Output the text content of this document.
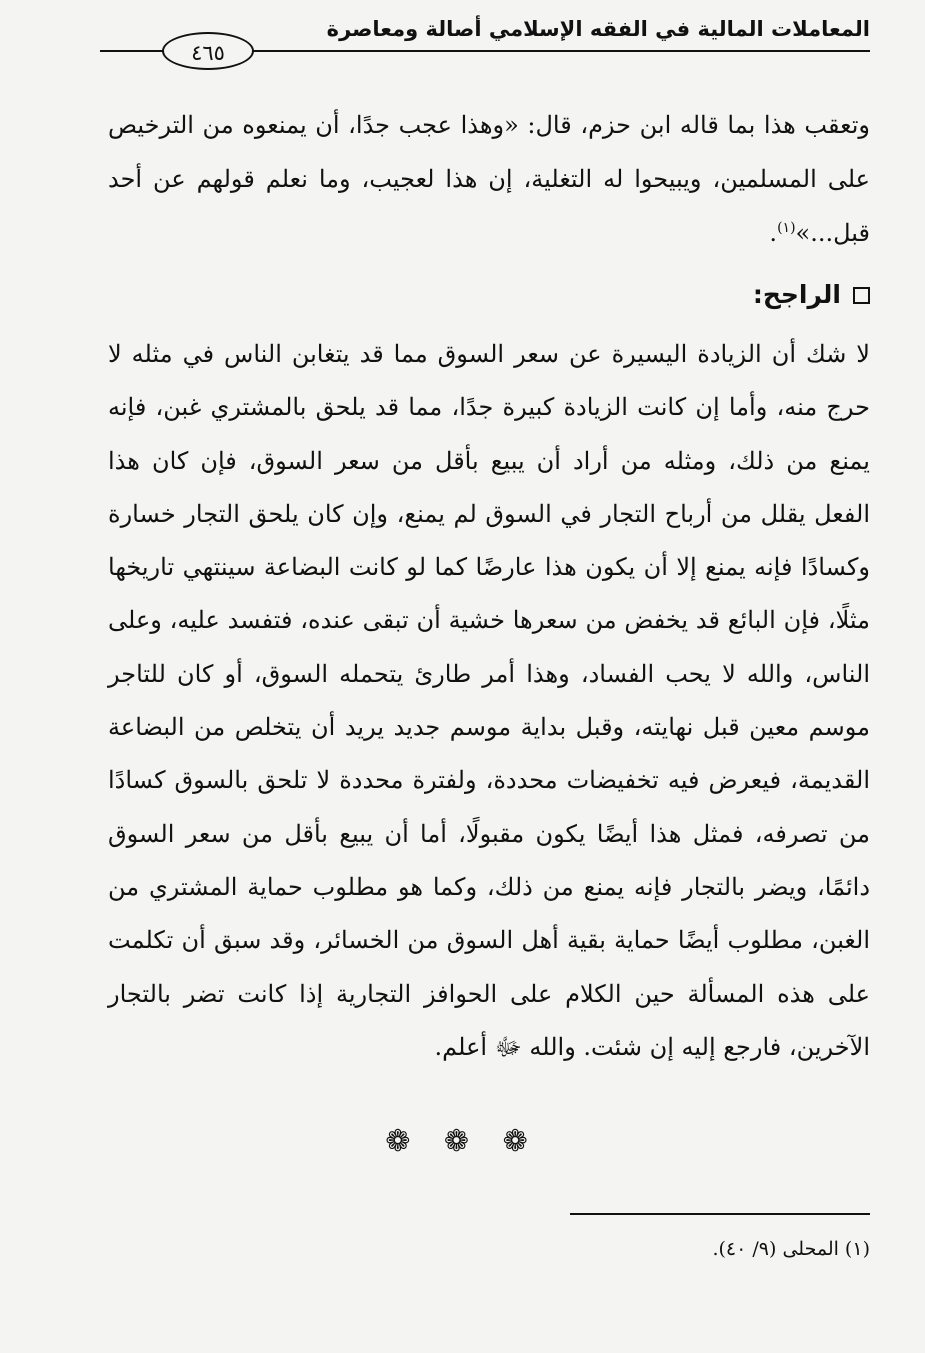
المعاملات المالية في الفقه الإسلامي أصالة ومعاصرة
٤٦٥

وتعقب هذا بما قاله ابن حزم، قال: «وهذا عجب جدًا، أن يمنعوه من الترخيص على المسلمين، ويبيحوا له التغلية، إن هذا لعجيب، وما نعلم قولهم عن أحد قبل...»$^{(١)}$.

الراجح:

لا شك أن الزيادة اليسيرة عن سعر السوق مما قد يتغابن الناس في مثله لا حرج منه، وأما إن كانت الزيادة كبيرة جدًا، مما قد يلحق بالمشتري غبن، فإنه يمنع من ذلك، ومثله من أراد أن يبيع بأقل من سعر السوق، فإن كان هذا الفعل يقلل من أرباح التجار في السوق لم يمنع، وإن كان يلحق التجار خسارة وكسادًا فإنه يمنع إلا أن يكون هذا عارضًا كما لو كانت البضاعة سينتهي تاريخها مثلًا، فإن البائع قد يخفض من سعرها خشية أن تبقى عنده، فتفسد عليه، وعلى الناس، والله لا يحب الفساد، وهذا أمر طارئ يتحمله السوق، أو كان للتاجر موسم معين قبل نهايته، وقبل بداية موسم جديد يريد أن يتخلص من البضاعة القديمة، فيعرض فيه تخفيضات محددة، ولفترة محددة لا تلحق بالسوق كسادًا من تصرفه، فمثل هذا أيضًا يكون مقبولًا، أما أن يبيع بأقل من سعر السوق دائمًا، ويضر بالتجار فإنه يمنع من ذلك، وكما هو مطلوب حماية المشتري من الغبن، مطلوب أيضًا حماية بقية أهل السوق من الخسائر، وقد سبق أن تكلمت على هذه المسألة حين الكلام على الحوافز التجارية إذا كانت تضر بالتجار الآخرين، فارجع إليه إن شئت. والله ﷻ أعلم.

❁ ❁ ❁
(١) المحلى (٩/ ٤٠).
